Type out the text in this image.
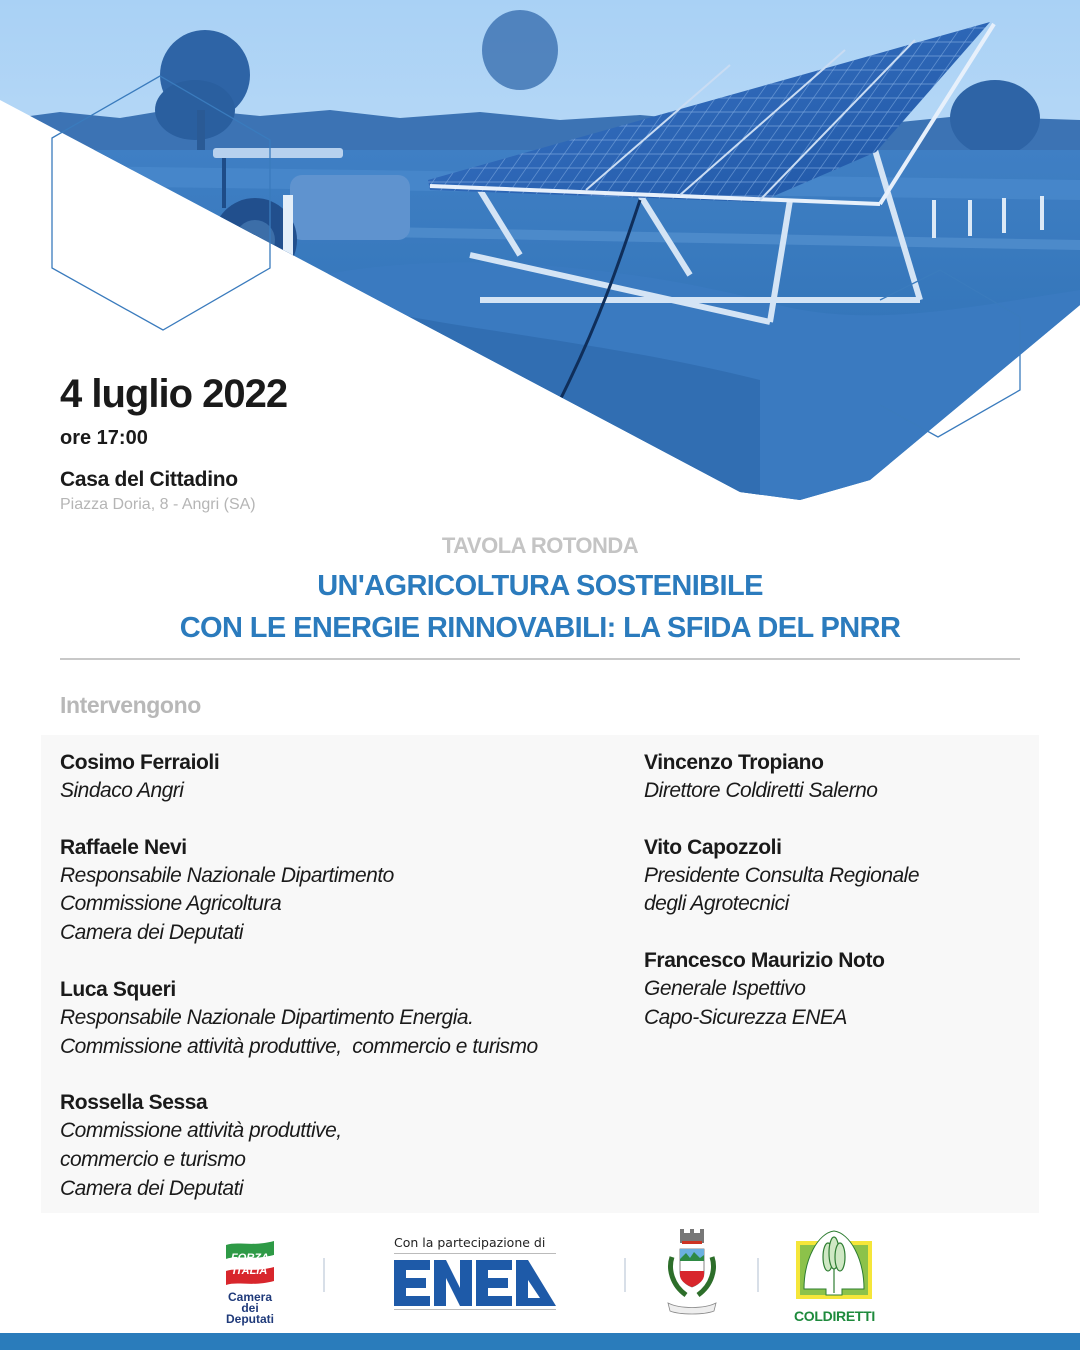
4 luglio 2022
ore 17:00
Casa del Cittadino
Piazza Doria, 8 - Angri (SA)
TAVOLA ROTONDA
UN'AGRICOLTURA SOSTENIBILE
CON LE ENERGIE RINNOVABILI: LA SFIDA DEL PNRR
Intervengono
Cosimo Ferraioli
Sindaco Angri
Raffaele Nevi
Responsabile Nazionale Dipartimento
Commissione Agricoltura
Camera dei Deputati
Luca Squeri
Responsabile Nazionale Dipartimento Energia.
Commissione attività produttive,  commercio e turismo
Rossella Sessa
Commissione attività produttive,
commercio e turismo
Camera dei Deputati
Vincenzo Tropiano
Direttore Coldiretti Salerno
Vito Capozzoli
Presidente Consulta Regionale
degli Agrotecnici
Francesco Maurizio Noto
Generale Ispettivo
Capo-Sicurezza ENEA
FORZA
ITALIA
Camera dei
Deputati
Con la partecipazione di
COLDIRETTI
